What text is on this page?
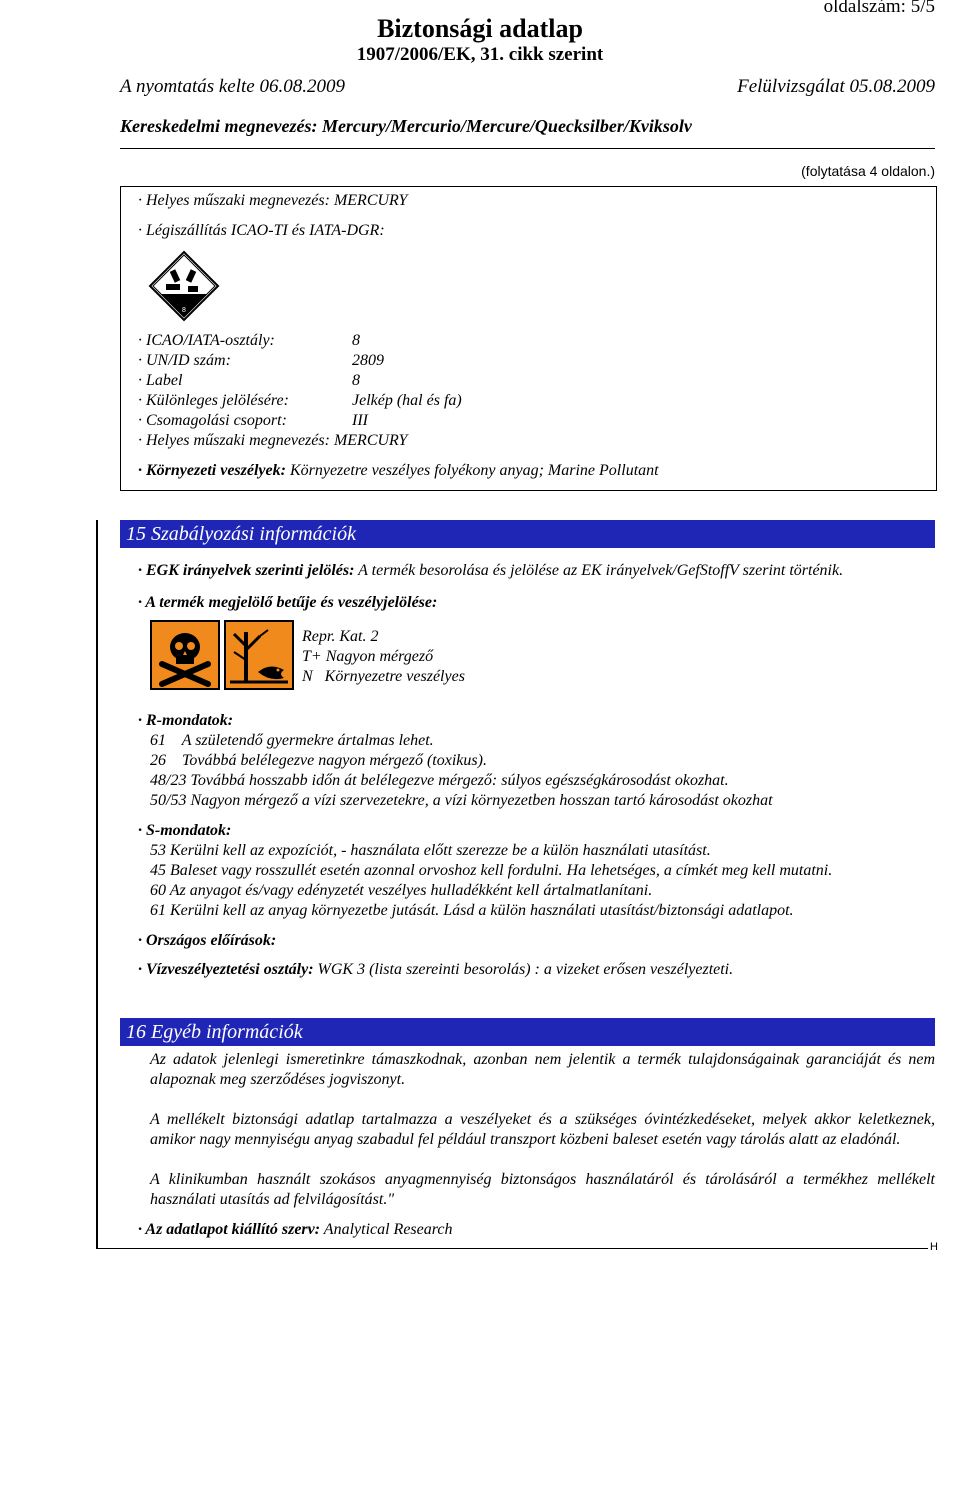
oldalszám: 5/5
Biztonsági adatlap
1907/2006/EK, 31. cikk szerint
A nyomtatás kelte 06.08.2009	Felülvizsgálat 05.08.2009
Kereskedelmi megnevezés: Mercury/Mercurio/Mercure/Quecksilber/Kviksolv
(folytatása 4 oldalon.)
· Helyes műszaki megnevezés: MERCURY
· Légiszállítás ICAO-TI és IATA-DGR:
8
· ICAO/IATA-osztály:	8
· UN/ID szám:	2809
· Label	8
· Különleges jelölésére:	Jelkép (hal és fa)
· Csomagolási csoport:	III
· Helyes műszaki megnevezés: MERCURY
· Környezeti veszélyek: Környezetre veszélyes folyékony anyag; Marine Pollutant
15 Szabályozási információk
· EGK irányelvek szerinti jelölés: A termék besorolása és jelölése az EK irányelvek/GefStoffV szerint történik.
· A termék megjelölő betűje és veszélyjelölése:
Repr. Kat. 2
T+ Nagyon mérgező
N   Környezetre veszélyes
· R-mondatok:
61    A születendő gyermekre ártalmas lehet.
26    Továbbá belélegezve nagyon mérgező (toxikus).
48/23 Továbbá hosszabb időn át belélegezve mérgező: súlyos egészségkárosodást okozhat.
50/53 Nagyon mérgező a vízi szervezetekre, a vízi környezetben hosszan tartó károsodást okozhat
· S-mondatok:
53 Kerülni kell az expozíciót, - használata előtt szerezze be a külön használati utasítást.
45 Baleset vagy rosszullét esetén azonnal orvoshoz kell fordulni. Ha lehetséges, a címkét meg kell mutatni.
60 Az anyagot és/vagy edényzetét veszélyes hulladékként kell ártalmatlanítani.
61 Kerülni kell az anyag környezetbe jutását. Lásd a külön használati utasítást/biztonsági adatlapot.
· Országos előírások:
· Vízveszélyeztetési osztály: WGK 3 (lista szereinti besorolás) : a vizeket erősen veszélyezteti.
16 Egyéb információk
Az adatok jelenlegi ismeretinkre támaszkodnak, azonban nem jelentik a termék tulajdonságainak garanciáját és nem alapoznak meg szerződéses jogviszonyt.
A mellékelt biztonsági adatlap tartalmazza a veszélyeket és a szükséges óvintézkedéseket, melyek akkor keletkeznek, amikor nagy mennyiségu anyag szabadul fel például transzport közbeni baleset esetén vagy tárolás alatt az eladónál.
A klinikumban használt szokásos anyagmennyiség biztonságos használatáról és tárolásáról a termékhez mellékelt használati utasítás ad felvilágosítást."
· Az adatlapot kiállító szerv: Analytical Research
H
